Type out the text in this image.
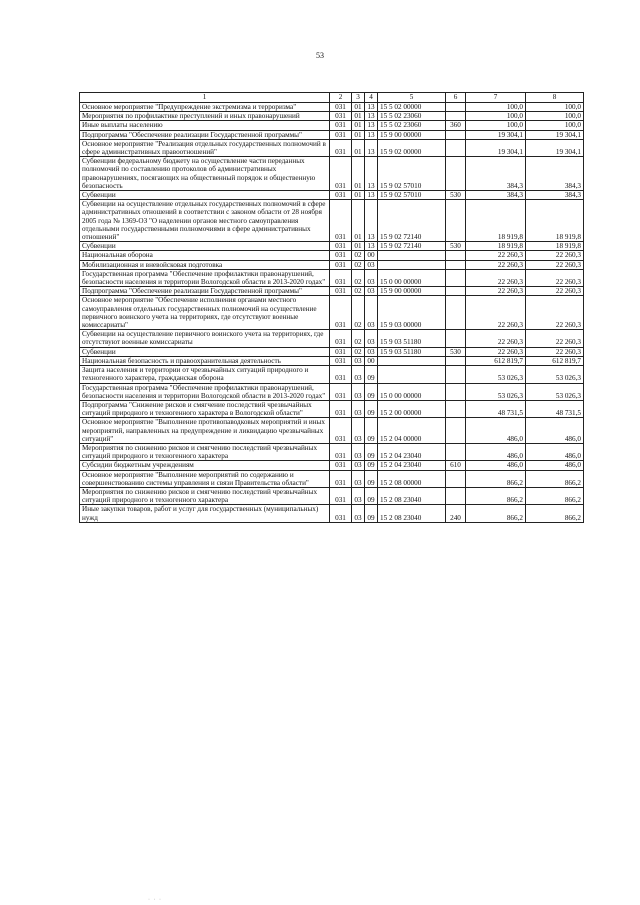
53
1	2	3	4	5	6	7	8
Основное мероприятие "Предупреждение экстремизма и терроризма"	031	01	13	15 5 02 00000		100,0	100,0
Мероприятия по профилактике преступлений и иных правонарушений	031	01	13	15 5 02 23060		100,0	100,0
Иные выплаты населению	031	01	13	15 5 02 23060	360	100,0	100,0
Подпрограмма "Обеспечение реализации Государственной программы"	031	01	13	15 9 00 00000		19 304,1	19 304,1
Основное мероприятие "Реализация отдельных государственных полномочий в сфере административных правоотношений"	031	01	13	15 9 02 00000		19 304,1	19 304,1
Субвенции федеральному бюджету на осуществление части переданных полномочий по составлению протоколов об административных правонарушениях, посягающих на общественный порядок и общественную безопасность	031	01	13	15 9 02 57010		384,3	384,3
Субвенции	031	01	13	15 9 02 57010	530	384,3	384,3
Субвенции на осуществление отдельных государственных полномочий в сфере административных отношений в соответствии с законом области от 28 ноября 2005 года № 1369-ОЗ "О наделении органов местного самоуправления отдельными государственными полномочиями в сфере административных отношений"	031	01	13	15 9 02 72140		18 919,8	18 919,8
Субвенции	031	01	13	15 9 02 72140	530	18 919,8	18 919,8
Национальная оборона	031	02	00			22 260,3	22 260,3
Мобилизационная и вневойсковая подготовка	031	02	03			22 260,3	22 260,3
Государственная программа "Обеспечение профилактики правонарушений, безопасности населения и территории Вологодской области в 2013-2020 годах"	031	02	03	15 0 00 00000		22 260,3	22 260,3
Подпрограмма "Обеспечение реализации Государственной программы"	031	02	03	15 9 00 00000		22 260,3	22 260,3
Основное мероприятие "Обеспечение исполнения органами местного самоуправления отдельных государственных полномочий на осуществление первичного воинского учета на территориях, где отсутствуют военные комиссариаты"	031	02	03	15 9 03 00000		22 260,3	22 260,3
Субвенции на осуществление первичного воинского учета на территориях, где отсутствуют военные комиссариаты	031	02	03	15 9 03 51180		22 260,3	22 260,3
Субвенции	031	02	03	15 9 03 51180	530	22 260,3	22 260,3
Национальная безопасность и правоохранительная деятельность	031	03	00			612 819,7	612 819,7
Защита населения и территории от чрезвычайных ситуаций природного и техногенного характера, гражданская оборона	031	03	09			53 026,3	53 026,3
Государственная программа "Обеспечение профилактики правонарушений, безопасности населения и территории Вологодской области в 2013-2020 годах"	031	03	09	15 0 00 00000		53 026,3	53 026,3
Подпрограмма "Снижение рисков и смягчение последствий чрезвычайных ситуаций природного и техногенного характера в Вологодской области"	031	03	09	15 2 00 00000		48 731,5	48 731,5
Основное мероприятие "Выполнение противопаводковых мероприятий и иных мероприятий, направленных на предупреждение и ликвидацию чрезвычайных ситуаций"	031	03	09	15 2 04 00000		486,0	486,0
Мероприятия по снижению рисков и смягчению последствий чрезвычайных ситуаций природного и техногенного характера	031	03	09	15 2 04 23040		486,0	486,0
Субсидии бюджетным учреждениям	031	03	09	15 2 04 23040	610	486,0	486,0
Основное мероприятие "Выполнение мероприятий по содержанию и совершенствованию системы управления и связи Правительства области"	031	03	09	15 2 08 00000		866,2	866,2
Мероприятия по снижению рисков и смягчению последствий чрезвычайных ситуаций природного и техногенного характера	031	03	09	15 2 08 23040		866,2	866,2
Иные закупки товаров, работ и услуг для государственных (муниципальных) нужд	031	03	09	15 2 08 23040	240	866,2	866,2
· · ·
